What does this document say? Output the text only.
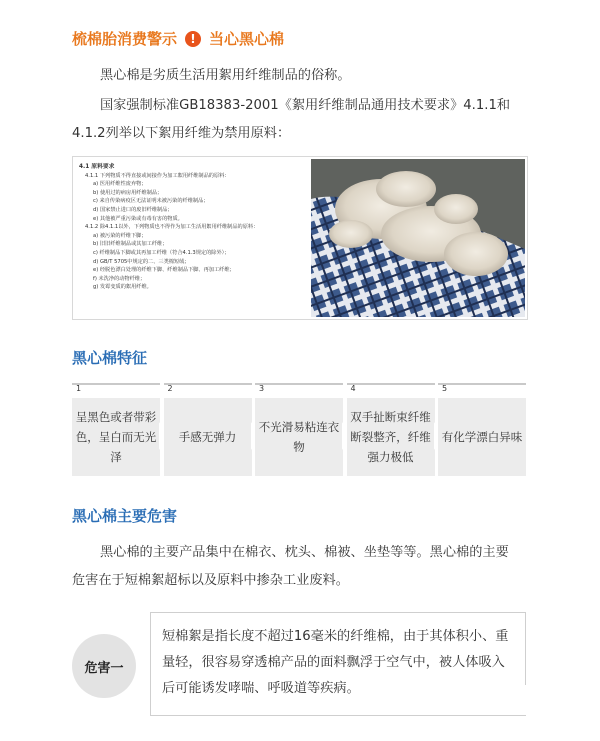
梳棉胎消费警示	! 当心黑心棉
黑心棉是劣质生活用絮用纤维制品的俗称。
国家强制标准GB18383-2001《絮用纤维制品通用技术要求》4.1.1和
4.1.2列举以下絮用纤维为禁用原料：
4.1 原料要求
4.1.1 下列物质不得直接或间接作为加工絮用纤维制品的原料：
a) 医用纤维性废弃物；
b) 使用过的病房用纤维制品；
c) 来自传染病疫区无法证明未被污染的纤维制品；
d) 国家禁止进口的废旧纤维制品；
e) 其他被严重污染或有毒有害的物质。
4.1.2 除4.1.1以外，下列物质也不得作为加工生活用絮用纤维制品的原料：
a) 被污染的纤维下脚；
b) 旧旧纤维制品或其加工纤维；
c) 纤维制品下脚或其再加工纤维（符合4.1.3规定的除外）；
d) GB/T 5705中规定的二、三类棉短绒；
e) 经脱色漂白处理的纤维下脚、纤维制品下脚、再加工纤维；
f) 未洗净的动物纤维；
g) 发霉变质的絮用纤维。
黑心棉特征
1
呈黑色或者带彩色，呈白而无光泽
2
手感无弹力
3
不光滑易粘连衣物
4
双手扯断束纤维断裂整齐，纤维强力极低
5
有化学漂白异味
黑心棉主要危害
黑心棉的主要产品集中在棉衣、枕头、棉被、坐垫等等。黑心棉的主要
危害在于短棉絮超标以及原料中掺杂工业废料。
危害一
短棉絮是指长度不超过16毫米的纤维棉，由于其体积小、重量轻，很容易穿透棉产品的面料飘浮于空气中，被人体吸入后可能诱发哮喘、呼吸道等疾病。
